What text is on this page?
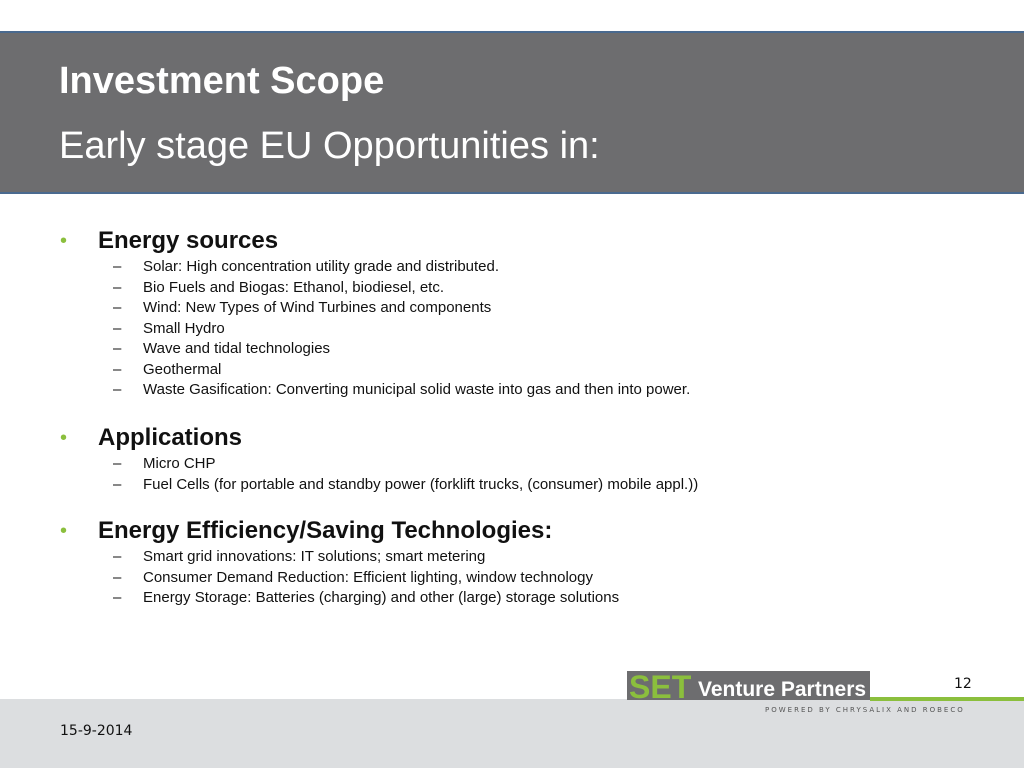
Investment Scope
Early stage EU Opportunities in:
• Energy sources
– Solar: High concentration utility grade and distributed.
– Bio Fuels and Biogas: Ethanol, biodiesel, etc.
– Wind: New Types of Wind Turbines and components
– Small Hydro
– Wave and tidal technologies
– Geothermal
– Waste Gasification: Converting municipal solid waste into gas and then into power.
• Applications
– Micro CHP
– Fuel Cells (for portable and standby power (forklift trucks, (consumer) mobile appl.))
• Energy Efficiency/Saving Technologies:
– Smart grid innovations: IT solutions; smart metering
– Consumer Demand Reduction: Efficient lighting, window technology
– Energy Storage: Batteries (charging) and other (large) storage solutions
15-9-2014
12
SET Venture Partners
POWERED BY CHRYSALIX AND ROBECO
